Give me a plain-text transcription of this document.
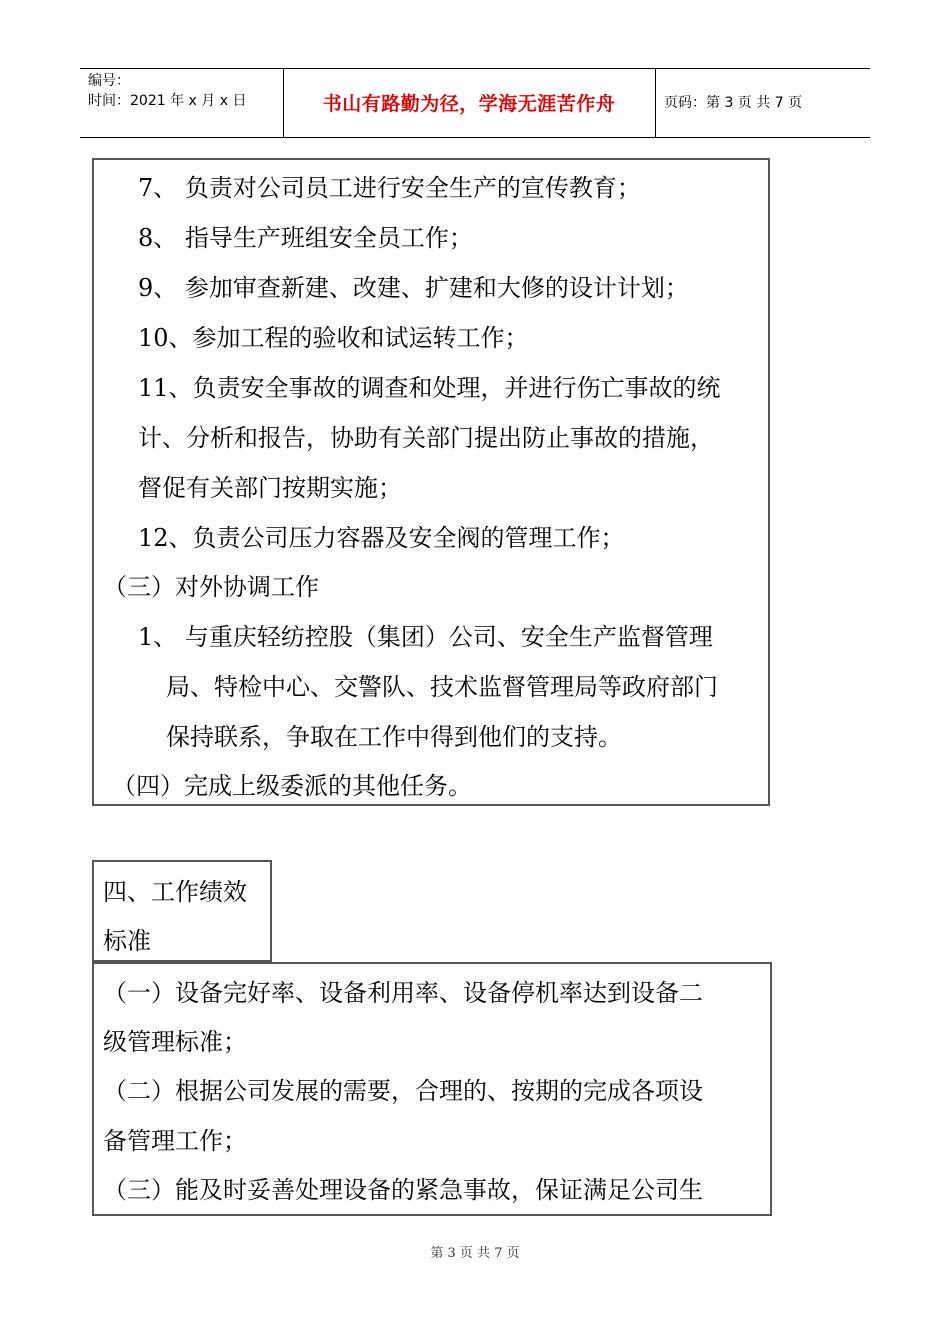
编号：
时间：2021 年 x 月 x 日	书山有路勤为径，学海无涯苦作舟	页码：第 3 页 共 7 页
7、 负责对公司员工进行安全生产的宣传教育；
8、 指导生产班组安全员工作；
9、 参加审查新建、改建、扩建和大修的设计计划；
10、参加工程的验收和试运转工作；
11、负责安全事故的调查和处理，并进行伤亡事故的统
计、分析和报告，协助有关部门提出防止事故的措施，
督促有关部门按期实施；
12、负责公司压力容器及安全阀的管理工作；
（三）对外协调工作
1、 与重庆轻纺控股（集团）公司、安全生产监督管理
局、特检中心、交警队、技术监督管理局等政府部门
保持联系，争取在工作中得到他们的支持。
（四）完成上级委派的其他任务。
四、工作绩效
标准
（一）设备完好率、设备利用率、设备停机率达到设备二
级管理标准；
（二）根据公司发展的需要，合理的、按期的完成各项设
备管理工作；
（三）能及时妥善处理设备的紧急事故，保证满足公司生
第 3 页 共 7 页
